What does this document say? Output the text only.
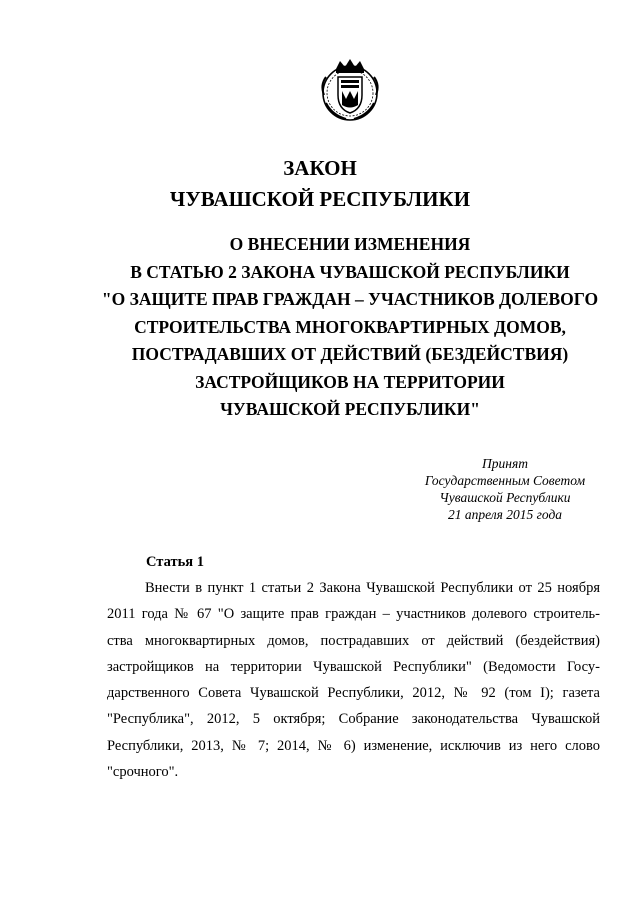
ЗАКОН
ЧУВАШСКОЙ РЕСПУБЛИКИ
О ВНЕСЕНИИ ИЗМЕНЕНИЯ
В СТАТЬЮ 2 ЗАКОНА ЧУВАШСКОЙ РЕСПУБЛИКИ
"О ЗАЩИТЕ ПРАВ ГРАЖДАН – УЧАСТНИКОВ ДОЛЕВОГО
СТРОИТЕЛЬСТВА МНОГОКВАРТИРНЫХ ДОМОВ,
ПОСТРАДАВШИХ ОТ ДЕЙСТВИЙ (БЕЗДЕЙСТВИЯ)
ЗАСТРОЙЩИКОВ НА ТЕРРИТОРИИ
ЧУВАШСКОЙ РЕСПУБЛИКИ"
Принят
Государственным Советом
Чувашской Республики
21 апреля 2015 года
Статья 1
Внести в пункт 1 статьи 2 Закона Чувашской Республики от 25 ноября
2011 года № 67 "О защите прав граждан – участников долевого строитель-
ства многоквартирных домов, пострадавших от действий (бездействия)
застройщиков на территории Чувашской Республики" (Ведомости Госу-
дарственного Совета Чувашской Республики, 2012, № 92 (том I); газета
"Республика", 2012, 5 октября; Собрание законодательства Чувашской
Республики, 2013, № 7; 2014, № 6) изменение, исключив из него слово
"срочного".
